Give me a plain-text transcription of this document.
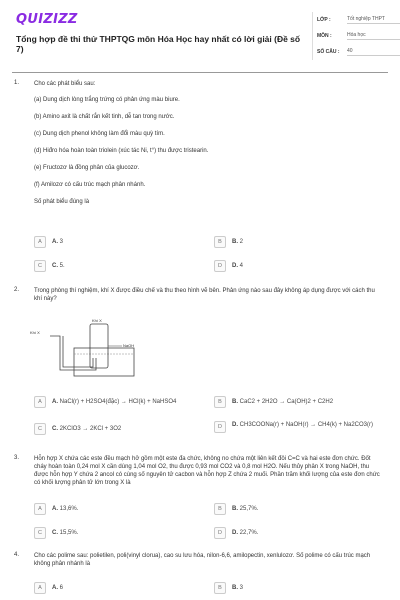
QUIZIZZ
Tổng hợp đề thi thử THPTQG môn Hóa Học hay nhất có lời giải (Đề số 7)
LỚP :	Tốt nghiệp THPT
MÔN :	Hóa học
SỐ CÂU :	40
1. Cho các phát biểu sau:
(a) Dung dịch lòng trắng trứng có phản ứng màu biure.
(b) Amino axit là chất rắn kết tinh, dễ tan trong nước.
(c) Dung dịch phenol không làm đổi màu quỳ tím.
(d) Hiđro hóa hoàn toàn triolein (xúc tác Ni, t°) thu được tristearin.
(e) Fructozơ là đồng phân của glucozơ.
(f) Amilozơ có cấu trúc mạch phân nhánh.
Số phát biểu đúng là
A	A. 3	B	B. 2
C	C. 5.	D	D. 4
2. Trong phòng thí nghiệm, khí X được điều chế và thu theo hình vẽ bên. Phản ứng nào sau đây không áp dụng được với cách thu khí này?
A	A. NaCl(r) + H2SO4(đặc) → HCl(k) + NaHSO4	B	B. CaC2 + 2H2O → Ca(OH)2 + C2H2
C	C. 2KClO3 → 2KCl + 3O2	D	D. CH3COONa(r) + NaOH(r) → CH4(k) + Na2CO3(r)
Khí X
Khí X
NaOH
3. Hỗn hợp X chứa các este đều mạch hở gồm một este đa chức, không no chứa một liên kết đôi C=C và hai este đơn chức. Đốt cháy hoàn toàn 0,24 mol X cần dùng 1,04 mol O2, thu được 0,93 mol CO2 và 0,8 mol H2O. Nếu thủy phân X trong NaOH, thu được hỗn hợp Y chứa 2 ancol có cùng số nguyên tử cacbon và hỗn hợp Z chứa 2 muối. Phần trăm khối lượng của este đơn chức có khối lượng phân tử lớn trong X là
A	A. 13,6%.	B	B. 25,7%.
C	C. 15,5%.	D	D. 22,7%.
4. Cho các polime sau: polietilen, poli(vinyl clorua), cao su lưu hóa, nilon-6,6, amilopectin, xenlulozơ. Số polime có cấu trúc mạch không phân nhánh là
A	A. 6	B	B. 3
